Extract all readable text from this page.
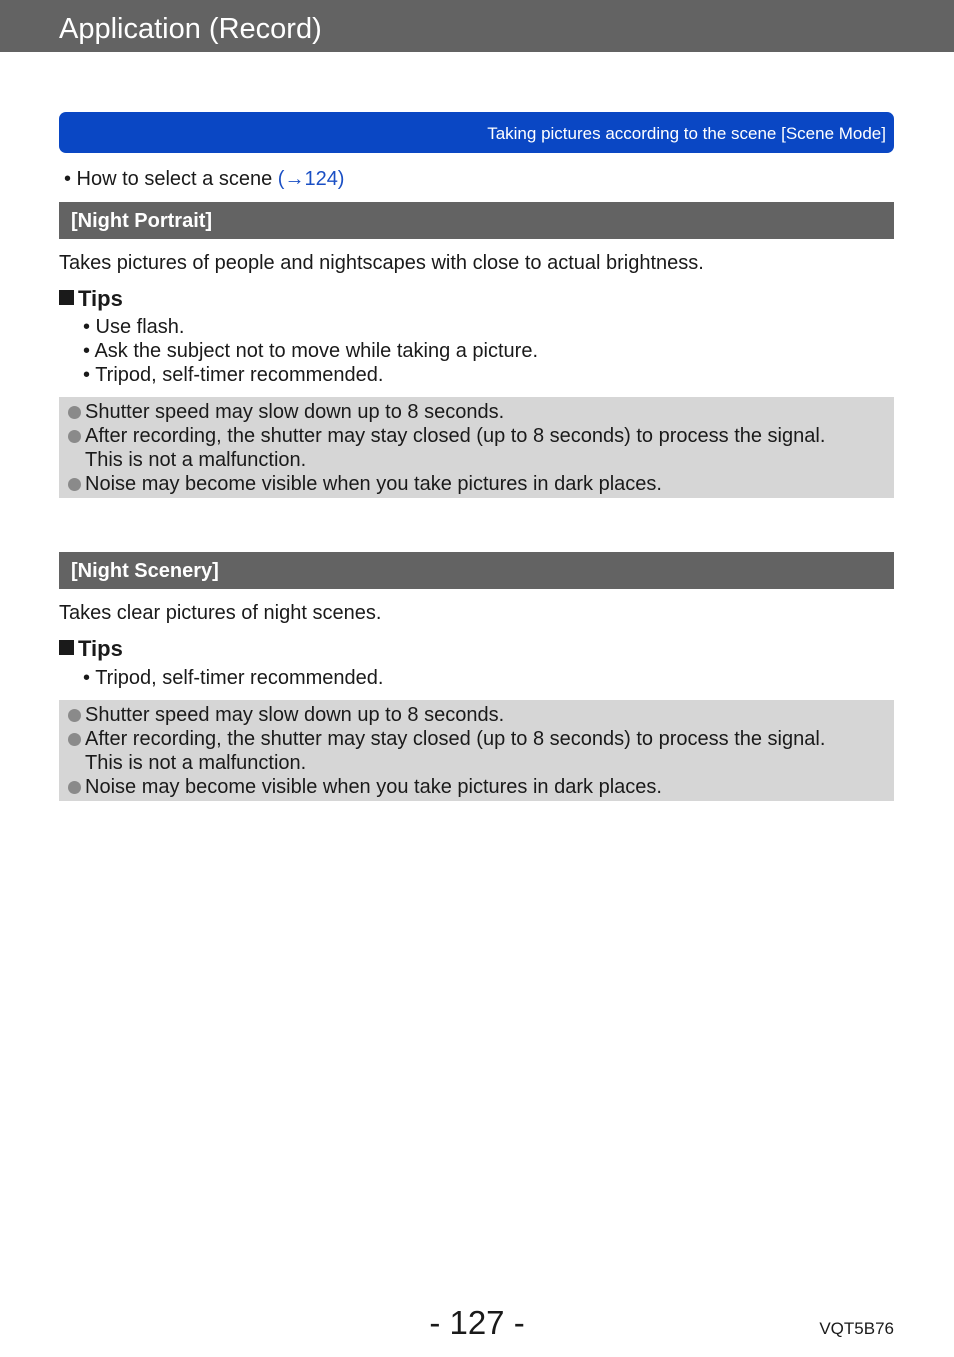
Application (Record)
Taking pictures according to the scene [Scene Mode]
• How to select a scene (→124)
[Night Portrait]
Takes pictures of people and nightscapes with close to actual brightness.
Tips
• Use flash.
• Ask the subject not to move while taking a picture.
• Tripod, self-timer recommended.
Shutter speed may slow down up to 8 seconds.
After recording, the shutter may stay closed (up to 8 seconds) to process the signal.
This is not a malfunction.
Noise may become visible when you take pictures in dark places.
[Night Scenery]
Takes clear pictures of night scenes.
Tips
• Tripod, self-timer recommended.
Shutter speed may slow down up to 8 seconds.
After recording, the shutter may stay closed (up to 8 seconds) to process the signal.
This is not a malfunction.
Noise may become visible when you take pictures in dark places.
- 127 -	VQT5B76
